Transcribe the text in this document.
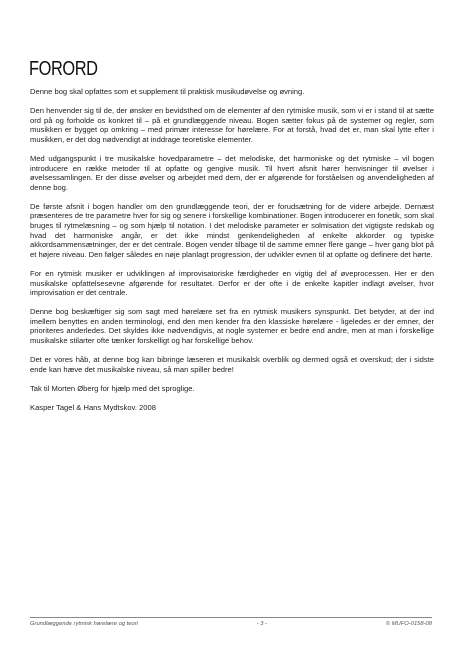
FORORD

Denne bog skal opfattes som et supplement til praktisk musikudøvelse og øvning.

Den henvender sig til de, der ønsker en bevidsthed om de elementer af den rytmiske musik, som vi er i stand til at sætte ord på og forholde os konkret til – på et grundlæggende niveau. Bogen sætter fokus på de systemer og regler, som musikken er bygget op omkring – med primær interesse for hørelære. For at forstå, hvad det er, man skal lytte efter i musikken, er det dog nødvendigt at inddrage teoretiske elementer.

Med udgangspunkt i tre musikalske hovedparametre – det melodiske, det harmoniske og det rytmiske – vil bogen introducere en række metoder til at opfatte og gengive musik. Til hvert afsnit hører henvisninger til øvelser i øvelsessamlingen. Er der disse øvelser og arbejdet med dem, der er afgørende for forståelsen og anvendeligheden af denne bog.

De første afsnit i bogen handler om den grundlæggende teori, der er forudsætning for de videre arbejde. Dernæst præsenteres de tre parametre hver for sig og senere i forskellige kombinationer. Bogen introducerer en fonetik, som skal bruges til rytmelæsning – og som hjælp til notation. I det melodiske parameter er solmisation det vigtigste redskab og hvad det harmoniske angår, er det ikke mindst genkendeligheden af enkelte akkorder og typiske akkordsammensætninger, der er det centrale. Bogen vender tilbage til de samme emner flere gange – hver gang blot på et højere niveau. Den følger således en nøje planlagt progression, der udvikler evnen til at opfatte og definere det hørte.

For en rytmisk musiker er udviklingen af improvisatoriske færdigheder en vigtig del af øveprocessen. Her er den musikalske opfattelsesevne afgørende for resultatet. Derfor er der ofte i de enkelte kapitler indlagt øvelser, hvor improvisation er det centrale.

Denne bog beskæftiger sig som sagt med hørelære set fra en rytmisk musikers synspunkt. Det betyder, at der ind imellem benyttes en anden terminologi, end den men kender fra den klassiske hørelære - ligeledes er der emner, der prioriteres anderledes. Det skyldes ikke nødvendigvis, at nogle systemer er bedre end andre, men at man i forskellige musikalske stilarter ofte tænker forskelligt og har forskellige behov.

Det er vores håb, at denne bog kan bibringe læseren et musikalsk overblik og dermed også et overskud; der i sidste ende kan hæve det musikalske niveau, så man spiller bedre!

Tak til Morten Øberg for hjælp med det sproglige.

Kasper Tagel & Hans Mydtskov. 2008

Grundlæggende rytmisk hørelære og teori	- 3 -	© MUFO-0158-08
